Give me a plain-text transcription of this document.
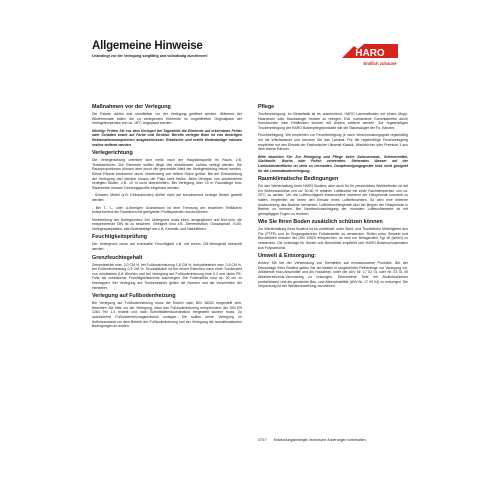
Allgemeine Hinweise
Unbedingt vor der Verlegung sorgfältig und vollständig durchlesen!	HARO
Endlich zuhause
Maßnahmen vor der Verlegung
Die Pakete dürfen erst unmittelbar vor der Verlegung geöffnet werden. Während der Wintermonate sollen die zu verlegenden Elemente im ungeöffneten Originalpack der Verlegetemperatur von ca. 18°C angepasst werden.
Wichtig: Prüfen Sie vor dem Verlegen bei Tageslicht die Elemente auf erkennbare Fehler oder Schäden sowie auf Farbe und Struktur. Bereits verlegte Ware ist von derartigen Reklamationsansprüchen ausgeschlossen. Elastische und textile Bodenbeläge müssen restlos entfernt werden.
Verlegerichtung
Die Verlegerichtung orientiert sich meist nach der Hauptlichtquelle im Raum, z.B. Terrassentüren. Die Elemente sollten längs des einfallenden Lichtes verlegt werden. Die Raumproportionen können aber durch die geschickte Wahl der Verlegerichtung betont werden. Kleine Räume erscheinen durch Verwendung von hellem Dekor größer. Bei der Entscheidung der Verlegung darf darüber hinaus der Platz nicht fehlen. Beim Verlegen von schwimmend verlegten Böden, z.B. 10 m nicht überschritten. Bei Verlegung über 10 m Raumlänge bzw. Raumbreite müssen Dehnungsprofile eingebaut werden.
- Schwere Möbel (z.B. Einbauküchen) dürfen nicht auf schwimmend verlegte Böden gestellt werden.
- Bei T-, L- oder U-förmigen Grundrissen ist eine Trennung der einzelnen Teilflächen entsprechend der Raumform mit geeigneten Profilsystemen durchzuführen.
Verarbeitung des Untergrundes: Der Untergrund muss eben, ausgeglichen und fest sein, die entsprechende DIN ist zu beachten. Geeignet sind z.B. Zementestrich, Gussasphalt, V100-Verlegespanplatten, alte Bodenbeläge wie z.B. Keramik- und Naturfliesen.
Feuchtigkeitsprüfung
Der Untergrund muss auf eventuelle Feuchtigkeit z.B. mit einem CM-Messgerät überprüft werden.
Grenzfeuchtegehalt
Zementestrich max. 2,0 CM %, bei Fußbodenheizung 1,8 CM %, Anhydritestrich max. 0,5 CM %, bei Fußbodenheizung 0,3 CM %. Grundsätzlich ist bei neuen Estrichen nach einer Trockenzeit von mindestens 6-8 Wochen und bei Verlegung auf Fußbodenheizung eine 0,2 mm dicke PE-Folie als zusätzlicher Feuchtigkeitsschutz auszulegen. Die Folienstöße sind ca. 20 cm zu überlappen. Bei Verlegung auf Trockenestrich gelten die Normen und die Vorschriften der Hersteller.
Verlegung auf Fußbodenheizung
Bei Verlegung auf Fußbodenheizung muss die Estrich nach DIN 18202 hergestellt sein. Beachten Sie bitte vor der Verlegung, dass das Fußbodenheizung entsprechend der DIN EN 1264 Teil 1-4 erstellt und nach Schnittstellenkoordination hergestellt wurden muss. Zu ausreichend Fußbodenheizungsprotokoll vorlegen. Sie sollten keine Verlegung im Aufheizzustand vor dem Betrieb der Fußbodenheizung und der Verlegung die raumklimatischen Bedingungen zu achten.
Pflege
Trockenreinigung: Im Bedarfsfall ist es ausreichend, HARO Laminatboden mit einem Mopp, Haarbesen oder Staubsauger trocken zu reinigen. Evtl. vorhandene Gummiabriebe durch Schuhsohlen oder Fettflecken können mit Aceton entfernt werden. Zur regelmäßigen Trockenreinigung der HARO Bodenpflegeprodukte wie die Staubsauger der Fa. Kärcher.
Feuchtreinigung: Wir empfehlen zur Feuchtreinigung je nach Verschmutzungsgrad regelmäßig mit mit Wischwasser und schonen Sie das Laminat. Für die regelmäßige Feuchtreinigung empfehlen wir den Einsatz der Flachwischer Ultramat Klassik, Wischtücher oder Premium 3 aus dem Hause Kärcher.
Bitte beachten Sie: Zur Reinigung und Pflege keine Scheuersand-, Scheuermittel, Stahlwolle, Wachs oder Polish verwenden. Stehendes Wasser auf der Laminatbodenfläche ist stets zu vermeiden. Dampfreinigungsgeräte sind nicht geeignet für die Laminatbodenreinigung.
Raumklimatische Bedingungen
Für den Werterhaltung Ihres HARO Bodens, aber auch für Ihr persönliches Wohlbefinden ist auf ein Wohnraumklima von ca. 30-60 % relativer Luftfeuchte bei einer Raumtemperatur von ca. 20°C zu achten. Um die Luftfeuchtigkeit insbesondere während der Heizperiode konstant zu halten, empfehlen wir Ihnen den Einsatz eines Luftbefeuchters. So wird eine extreme Austrocknung des Bodens vermieden. Luftbefeuchtergerate sind bei Beginn der Heizperiode in Betrieb zu nehmen. Bei Nichtberücksichtigung der normalen Luftfeuchtewerte ist mit geringfügigen Fugen zu rechnen.
Wie Sie Ihren Boden zusätzlich schützen können
Zur Werterhaltung Ihres Bodens ist es vorteilhaft, unter Stuhl- und Tischbeinen Möbelgleiter aus Filz (PTFE) und im Eingangsbereich Fußabstreifer zu verwenden. Rollen unter Sesseln und Bürostühlen müssen der DIN 12529 entsprechen, es sind nur Belagsrollen Typ W (weich) zu verwenden. Die Unterlage für Sessel und Bürostühle empfiehlt sich HARO Bodenschutzmatten aus Polycarbonat.
Umwelt & Entsorgung:
Achten Sie bei der Verwendung von Kleinteilen auf emissionsarme Produkte. Bei der Demontage Ihres Bodens gelten Sie am besten in umgekehrter Reihenfolge zur Verlegung vor. Anfallende Holz-Abschnitte und als Holzabfall, unter der AVV Nr. 17 02 01 oder Nr. 03 01 05 Abfallverzeichnis-Verordnung zu entsorgen. Demontierte Teile mit Abdeckschienen (umfahrbarer) und als gemischte Bau- und Abbruchabfälle (AVV-Nr. 17 09 04) zu entsorgen. Die Verpackung ist der Wiederverwertung zuzuführen.
07/17 Entwicklungsbedingte, technische Änderungen vorbehalten.
